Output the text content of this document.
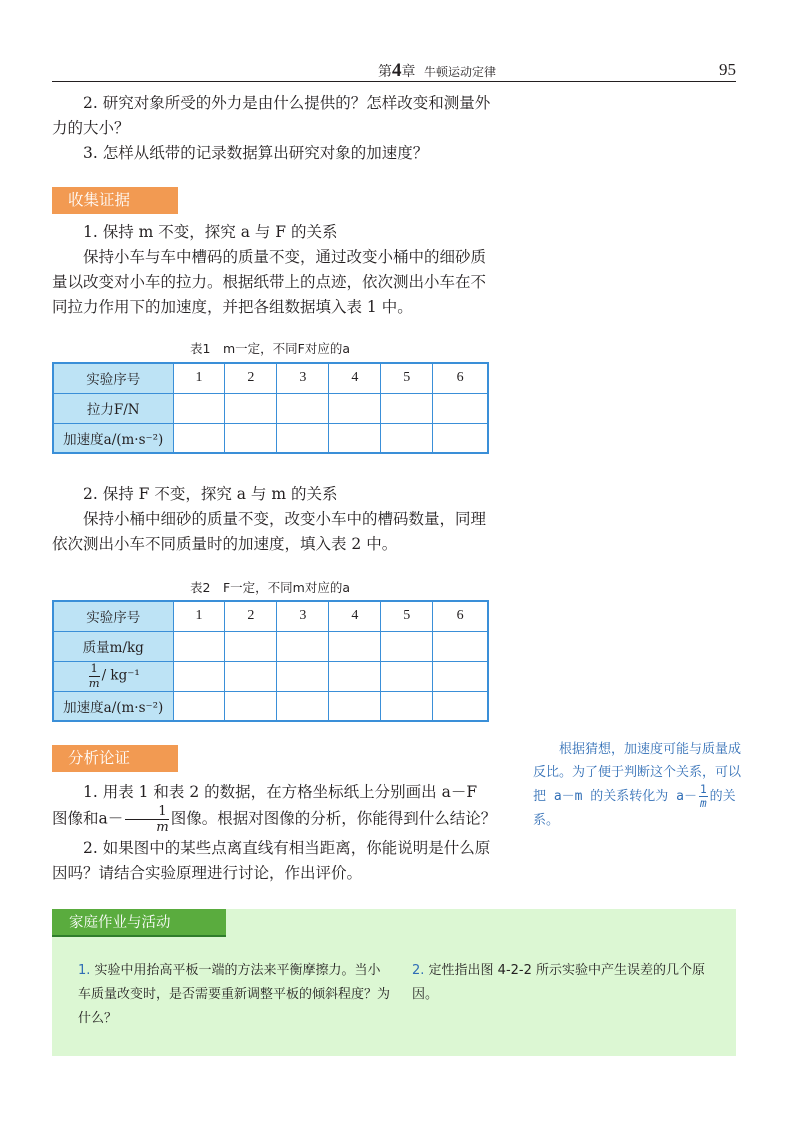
第4章 牛顿运动定律	95
2. 研究对象所受的外力是由什么提供的？怎样改变和测量外力的大小？
3. 怎样从纸带的记录数据算出研究对象的加速度？
收集证据
1. 保持 m 不变，探究 a 与 F 的关系
保持小车与车中槽码的质量不变，通过改变小桶中的细砂质量以改变对小车的拉力。根据纸带上的点迹，依次测出小车在不同拉力作用下的加速度，并把各组数据填入表 1 中。
表1　m一定，不同F对应的a
实验序号	1	2	3	4	5	6
拉力F/N						
加速度a/(m·s⁻²)						
2. 保持 F 不变，探究 a 与 m 的关系
保持小桶中细砂的质量不变，改变小车中的槽码数量，同理依次测出小车不同质量时的加速度，填入表 2 中。
表2　F一定，不同m对应的a
实验序号	1	2	3	4	5	6
质量m/kg						

$\frac{1}{m} / kg^{-1}$						
加速度a/(m·s⁻²)						
分析论证
1. 用表 1 和表 2 的数据，在方格坐标纸上分别画出 a－F 图像和$a- \frac{1}{m}$ 图像。根据对图像的分析，你能得到什么结论？
2. 如果图中的某些点离直线有相当距离，你能说明是什么原因吗？请结合实验原理进行讨论，作出评价。
根据猜想，加速度可能与质量成反比。为了便于判断这个关系，可以把 a－m 的关系转化为 $a- \frac{1}{m}$ 的关系。
家庭作业与活动
1. 实验中用抬高平板一端的方法来平衡摩擦力。当小车质量改变时，是否需要重新调整平板的倾斜程度？为什么？
2. 定性指出图 4-2-2 所示实验中产生误差的几个原因。
